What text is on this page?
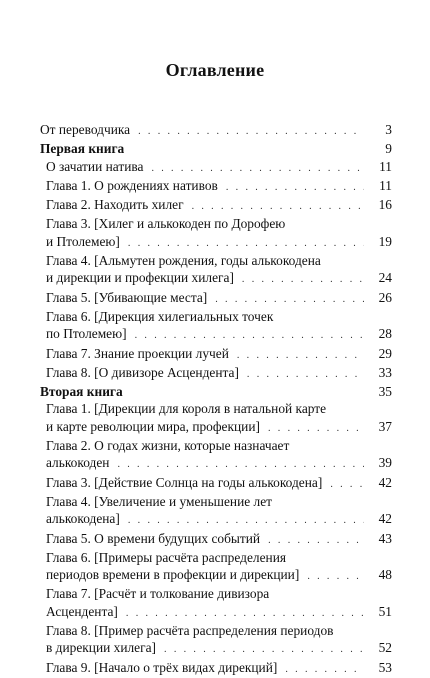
Оглавление
От переводчика . . .	3
Первая книга	9
О зачатии натива . . .	11
Глава 1. О рождениях нативов . . .	11
Глава 2. Находить хилег . . .	16
Глава 3. [Хилег и алькокоден по Дорофею
и Птолемею] . . .	19
Глава 4. [Альмутен рождения, годы алькокодена
и дирекции и профекции хилега] . . .	24
Глава 5. [Убивающие места] . . .	26
Глава 6. [Дирекция хилегиальных точек
по Птолемею] . . .	28
Глава 7. Знание проекции лучей . . .	29
Глава 8. [О дивизоре Асцендента] . . .	33
Вторая книга	35
Глава 1. [Дирекции для короля в натальной карте
и карте революции мира, профекции] . . .	37
Глава 2. О годах жизни, которые назначает
алькокоден . . .	39
Глава 3. [Действие Солнца на годы алькокодена] . . .	42
Глава 4. [Увеличение и уменьшение лет
алькокодена] . . .	42
Глава 5. О времени будущих событий . . .	43
Глава 6. [Примеры расчёта распределения
периодов времени в профекции и дирекции] . . .	48
Глава 7. [Расчёт и толкование дивизора
Асцендента] . . .	51
Глава 8. [Пример расчёта распределения периодов
в дирекции хилега] . . .	52
Глава 9. [Начало о трёх видах дирекций] . . .	53
